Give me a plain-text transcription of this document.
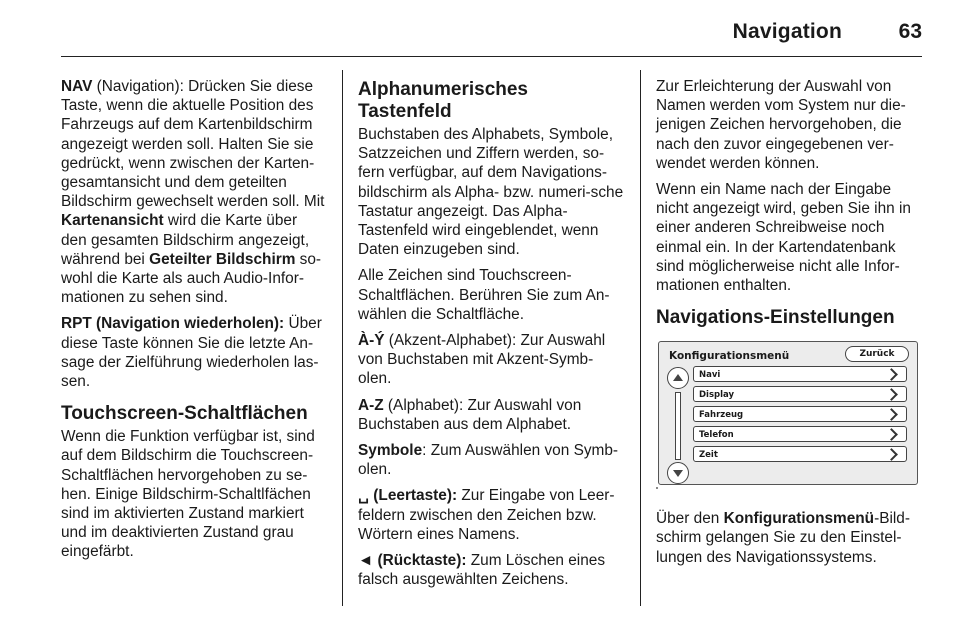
Navigation	63

NAV (Navigation): Drücken Sie diese Taste, wenn die aktuelle Position des Fahrzeugs auf dem Kartenbildschirm angezeigt werden soll. Halten Sie sie gedrückt, wenn zwischen der Karten-gesamtansicht und dem geteilten Bildschirm gewechselt werden soll. Mit Kartenansicht wird die Karte über den gesamten Bildschirm angezeigt, während bei Geteilter Bildschirm so-wohl die Karte als auch Audio-Infor-mationen zu sehen sind.

RPT (Navigation wiederholen): Über diese Taste können Sie die letzte An-sage der Zielführung wiederholen las-sen.

Touchscreen-Schaltflächen

Wenn die Funktion verfügbar ist, sind auf dem Bildschirm die Touchscreen-Schaltflächen hervorgehoben zu se-hen. Einige Bildschirm-Schaltlfächen sind im aktivierten Zustand markiert und im deaktivierten Zustand grau eingefärbt.

Alphanumerisches Tastenfeld

Buchstaben des Alphabets, Symbole, Satzzeichen und Ziffern werden, so-fern verfügbar, auf dem Navigations-bildschirm als Alpha- bzw. numeri-sche Tastatur angezeigt. Das Alpha-Tastenfeld wird eingeblendet, wenn Daten einzugeben sind.

Alle Zeichen sind Touchscreen-Schaltflächen. Berühren Sie zum An-wählen die Schaltfläche.

À-Ý (Akzent-Alphabet): Zur Auswahl von Buchstaben mit Akzent-Symb-olen.

A-Z (Alphabet): Zur Auswahl von Buchstaben aus dem Alphabet.

Symbole: Zum Auswählen von Symb-olen.

␣ (Leertaste): Zur Eingabe von Leer-feldern zwischen den Zeichen bzw. Wörtern eines Namens.

◄ (Rücktaste): Zum Löschen eines falsch ausgewählten Zeichens.

Zur Erleichterung der Auswahl von Namen werden vom System nur die-jenigen Zeichen hervorgehoben, die nach den zuvor eingegebenen ver-wendet werden können.

Wenn ein Name nach der Eingabe nicht angezeigt wird, geben Sie ihn in einer anderen Schreibweise noch einmal ein. In der Kartendatenbank sind möglicherweise nicht alle Infor-mationen enthalten.

Navigations-Einstellungen
Konfigurationsmenü	Zurück
Navi
Display
Fahrzeug
Telefon
Zeit

Über den Konfigurationsmenü-Bild-schirm gelangen Sie zu den Einstel-lungen des Navigationssystems.
